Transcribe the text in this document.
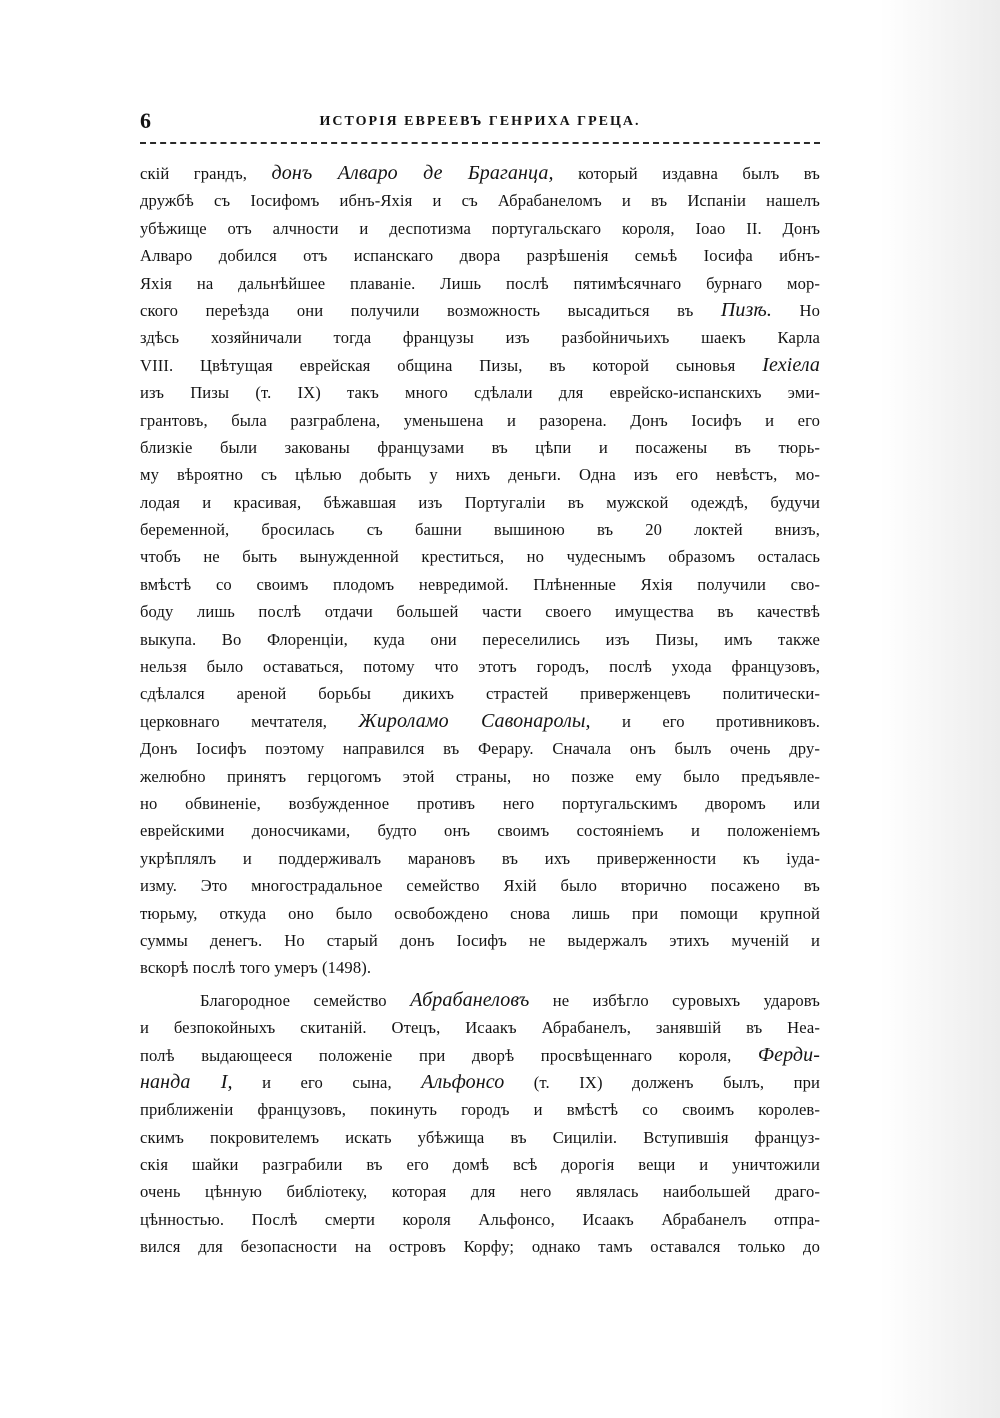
6	ИСТОРІЯ ЕВРЕЕВЪ ГЕНРИХА ГРЕЦА.
скій грандъ, донъ Алваро де Браганца, который издавна былъ въ
дружбѣ съ Іосифомъ ибнъ-Яхія и съ Абрабанеломъ и въ Испаніи нашелъ
убѣжище отъ алчности и деспотизма португальскаго короля, Іоао II. Донъ
Алваро добился отъ испанскаго двора разрѣшенія семьѣ Іосифа ибнъ-
Яхія на дальнѣйшее плаваніе. Лишь послѣ пятимѣсячнаго бурнаго мор-
ского переѣзда они получили возможность высадиться въ Пизѣ. Но
здѣсь хозяйничали тогда французы изъ разбойничьихъ шаекъ Карла
VIII. Цвѣтущая еврейская община Пизы, въ которой сыновья Іехіела
изъ Пизы (т. IX) такъ много сдѣлали для еврейско-испанскихъ эми-
грантовъ, была разграблена, уменьшена и разорена. Донъ Іосифъ и его
близкіе были закованы французами въ цѣпи и посажены въ тюрь-
му вѣроятно съ цѣлью добыть у нихъ деньги. Одна изъ его невѣстъ, мо-
лодая и красивая, бѣжавшая изъ Португаліи въ мужской одеждѣ, будучи
беременной, бросилась съ башни вышиною въ 20 локтей внизъ,
чтобъ не быть вынужденной креститься, но чудеснымъ образомъ осталась
вмѣстѣ со своимъ плодомъ невредимой. Плѣненные Яхія получили сво-
боду лишь послѣ отдачи большей части своего имущества въ качествѣ
выкупа. Во Флоренціи, куда они переселились изъ Пизы, имъ также
нельзя было оставаться, потому что этотъ городъ, послѣ ухода французовъ,
сдѣлался ареной борьбы дикихъ страстей приверженцевъ политически-
церковнаго мечтателя, Жироламо Савонаролы, и его противниковъ.
Донъ Іосифъ поэтому направился въ Ферару. Сначала онъ былъ очень дру-
желюбно принятъ герцогомъ этой страны, но позже ему было предъявле-
но обвиненіе, возбужденное противъ него португальскимъ дворомъ или
еврейскими доносчиками, будто онъ своимъ состояніемъ и положеніемъ
укрѣплялъ и поддерживалъ марановъ въ ихъ приверженности къ іуда-
изму. Это многострадальное семейство Яхій было вторично посажено въ
тюрьму, откуда оно было освобождено снова лишь при помощи крупной
суммы денегъ. Но старый донъ Іосифъ не выдержалъ этихъ мученій и
вскорѣ послѣ того умеръ (1498).
Благородное семейство Абрабанеловъ не избѣгло суровыхъ ударовъ
и безпокойныхъ скитаній. Отецъ, Исаакъ Абрабанелъ, занявшій въ Неа-
полѣ выдающееся положеніе при дворѣ просвѣщеннаго короля, Ферди-
нанда I, и его сына, Альфонсо (т. IX) долженъ былъ, при
приближеніи французовъ, покинуть городъ и вмѣстѣ со своимъ королев-
скимъ покровителемъ искать убѣжища въ Сициліи. Вступившія француз-
скія шайки разграбили въ его домѣ всѣ дорогія вещи и уничтожили
очень цѣнную библіотеку, которая для него являлась наибольшей драго-
цѣнностью. Послѣ смерти короля Альфонсо, Исаакъ Абрабанелъ отпра-
вился для безопасности на островъ Корфу; однако тамъ оставался только до
